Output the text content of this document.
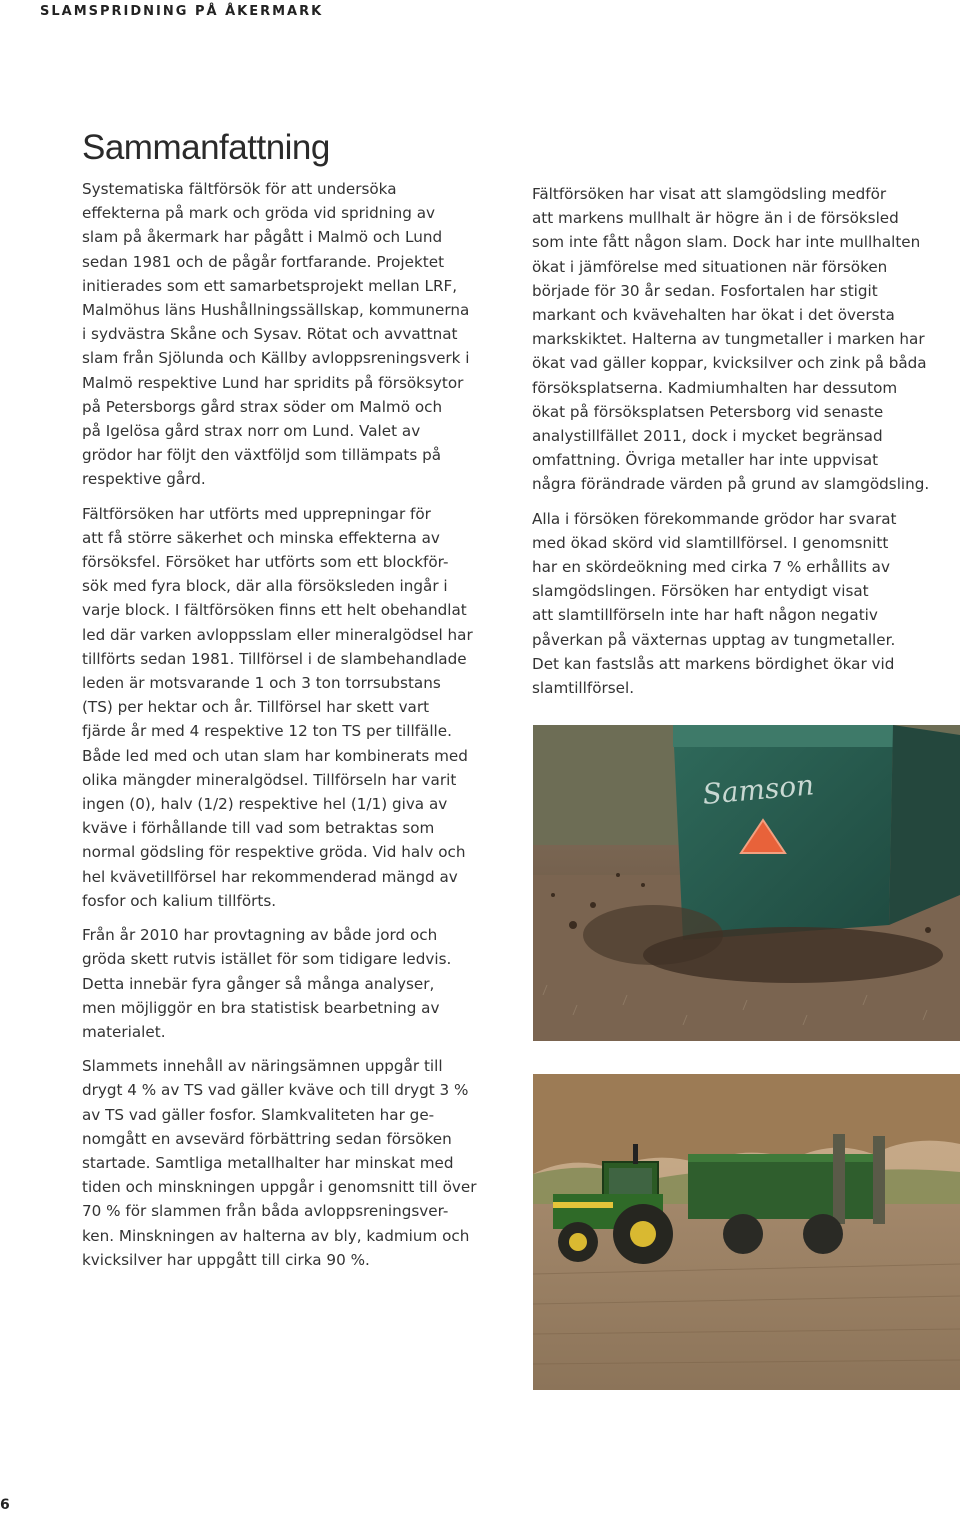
SLAMSPRIDNING PÅ ÅKERMARK
Sammanfattning

Systematiska fältförsök för att undersöka
effekterna på mark och gröda vid spridning av
slam på åkermark har pågått i Malmö och Lund
sedan 1981 och de pågår fortfarande. Projektet
initierades som ett samarbetsprojekt mellan LRF,
Malmöhus läns Hushållningssällskap, kommunerna
i sydvästra Skåne och Sysav. Rötat och avvattnat
slam från Sjölunda och Källby avloppsreningsverk i
Malmö respektive Lund har spridits på försöksytor
på Petersborgs gård strax söder om Malmö och
på Igelösa gård strax norr om Lund. Valet av
grödor har följt den växtföljd som tillämpats på
respektive gård.

Fältförsöken har utförts med upprepningar för
att få större säkerhet och minska effekterna av
försöksfel. Försöket har utförts som ett blockför-
sök med fyra block, där alla försöksleden ingår i
varje block. I fältförsöken finns ett helt obehandlat
led där varken avloppsslam eller mineralgödsel har
tillförts sedan 1981. Tillförsel i de slambehandlade
leden är motsvarande 1 och 3 ton torrsubstans
(TS) per hektar och år. Tillförsel har skett vart
fjärde år med 4 respektive 12 ton TS per tillfälle.
Både led med och utan slam har kombinerats med
olika mängder mineralgödsel. Tillförseln har varit
ingen (0), halv (1/2) respektive hel (1/1) giva av
kväve i förhållande till vad som betraktas som
normal gödsling för respektive gröda. Vid halv och
hel kvävetillförsel har rekommenderad mängd av
fosfor och kalium tillförts.

Från år 2010 har provtagning av både jord och
gröda skett rutvis istället för som tidigare ledvis.
Detta innebär fyra gånger så många analyser,
men möjliggör en bra statistisk bearbetning av
materialet.

Slammets innehåll av näringsämnen uppgår till
drygt 4 % av TS vad gäller kväve och till drygt 3 %
av TS vad gäller fosfor. Slamkvaliteten har ge-
nomgått en avsevärd förbättring sedan försöken
startade. Samtliga metallhalter har minskat med
tiden och minskningen uppgår i genomsnitt till över
70 % för slammen från båda avloppsreningsver-
ken. Minskningen av halterna av bly, kadmium och
kvicksilver har uppgått till cirka 90 %.

Fältförsöken har visat att slamgödsling medför
att markens mullhalt är högre än i de försöksled
som inte fått någon slam. Dock har inte mullhalten
ökat i jämförelse med situationen när försöken
började för 30 år sedan. Fosfortalen har stigit
markant och kvävehalten har ökat i det översta
markskiktet. Halterna av tungmetaller i marken har
ökat vad gäller koppar, kvicksilver och zink på båda
försöksplatserna. Kadmiumhalten har dessutom
ökat på försöksplatsen Petersborg vid senaste
analystillfället 2011, dock i mycket begränsad
omfattning. Övriga metaller har inte uppvisat
några förändrade värden på grund av slamgödsling.

Alla i försöken förekommande grödor har svarat
med ökad skörd vid slamtillförsel. I genomsnitt
har en skördeökning med cirka 7 % erhållits av
slamgödslingen. Försöken har entydigt visat
att slamtillförseln inte har haft någon negativ
påverkan på växternas upptag av tungmetaller.
Det kan fastslås att markens bördighet ökar vid
slamtillförsel.

Samson
6
